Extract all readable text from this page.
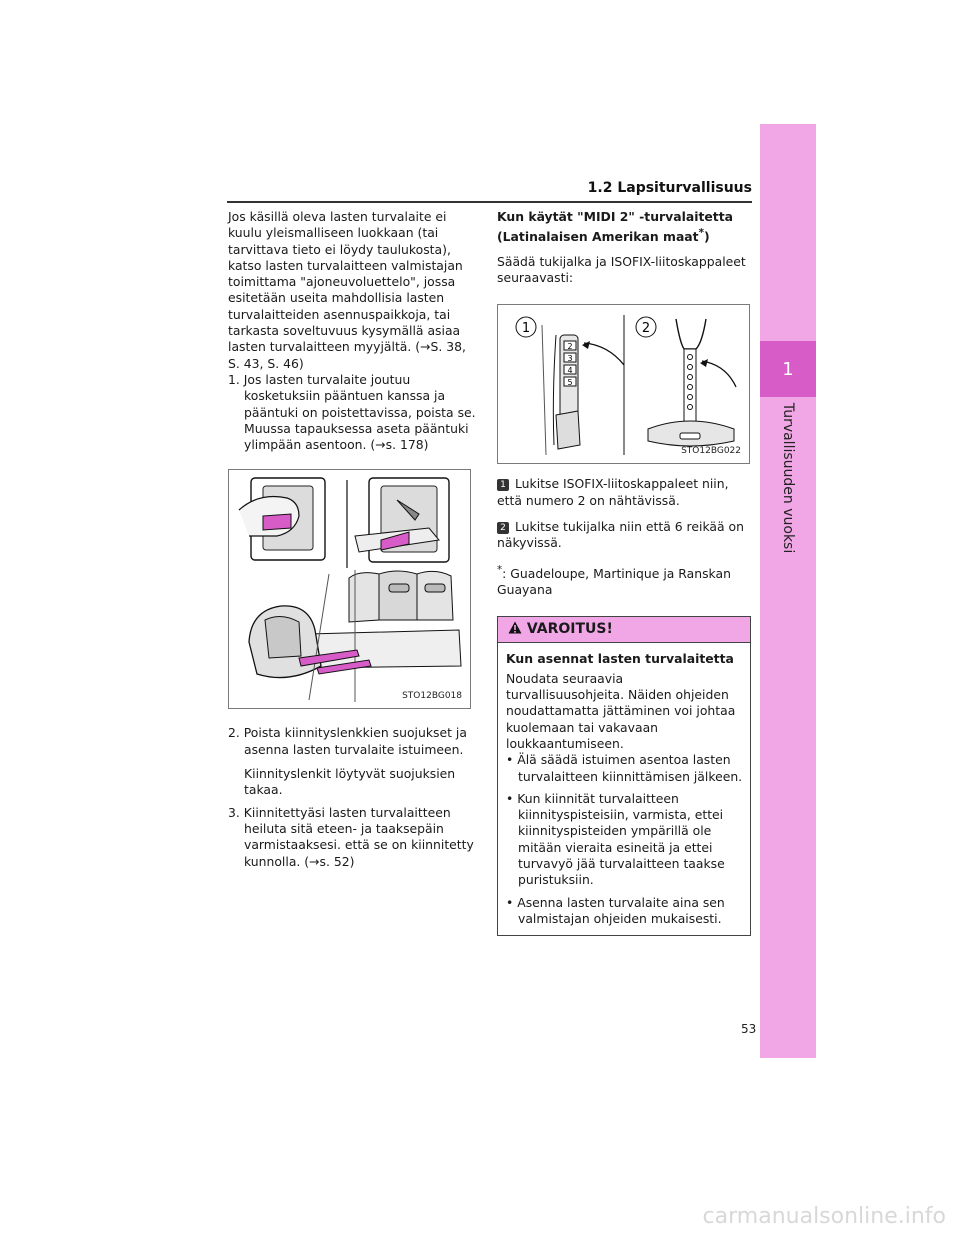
1
Turvallisuuden vuoksi
1.2 Lapsiturvallisuus

Jos käsillä oleva lasten turvalaite ei kuulu yleismalliseen luokkaan (tai tarvittava tieto ei löydy taulukosta), katso lasten turvalaitteen valmistajan toimittama "ajoneuvoluettelo", jossa esitetään useita mahdollisia lasten turvalaitteiden asennuspaikkoja, tai tarkasta soveltuvuus kysymällä asiaa lasten turvalaitteen myyjältä. (→S. 38, S. 43, S. 46)

1. Jos lasten turvalaite joutuu kosketuksiin pääntuen kanssa ja pääntuki on poistettavissa, poista se. Muussa tapauksessa aseta pääntuki ylimpään asentoon. (→s. 178)

STO12BG018

2. Poista kiinnityslenkkien suojukset ja asenna lasten turvalaite istuimeen.

Kiinnityslenkit löytyvät suojuksien takaa.

3. Kiinnitettyäsi lasten turvalaitteen heiluta sitä eteen- ja taaksepäin varmistaaksesi. että se on kiinnitetty kunnolla. (→s. 52)

Kun käytät "MIDI 2" -turvalaitetta (Latinalaisen Amerikan maat*)

Säädä tukijalka ja ISOFIX-liitoskappaleet seuraavasti:

1	2
2
3
4
5
STO12BG022

1 Lukitse ISOFIX-liitoskappaleet niin, että numero 2 on nähtävissä.

2 Lukitse tukijalka niin että 6 reikää on näkyvissä.

*: Guadeloupe, Martinique ja Ranskan Guayana

VAROITUS!

Kun asennat lasten turvalaitetta

Noudata seuraavia turvallisuusohjeita. Näiden ohjeiden noudattamatta jättäminen voi johtaa kuolemaan tai vakavaan loukkaantumiseen.

• Älä säädä istuimen asentoa lasten turvalaitteen kiinnittämisen jälkeen.

• Kun kiinnität turvalaitteen kiinnityspisteisiin, varmista, ettei kiinnityspisteiden ympärillä ole mitään vieraita esineitä ja ettei turvavyö jää turvalaitteen taakse puristuksiin.

• Asenna lasten turvalaite aina sen valmistajan ohjeiden mukaisesti.

53
carmanualsonline.info
